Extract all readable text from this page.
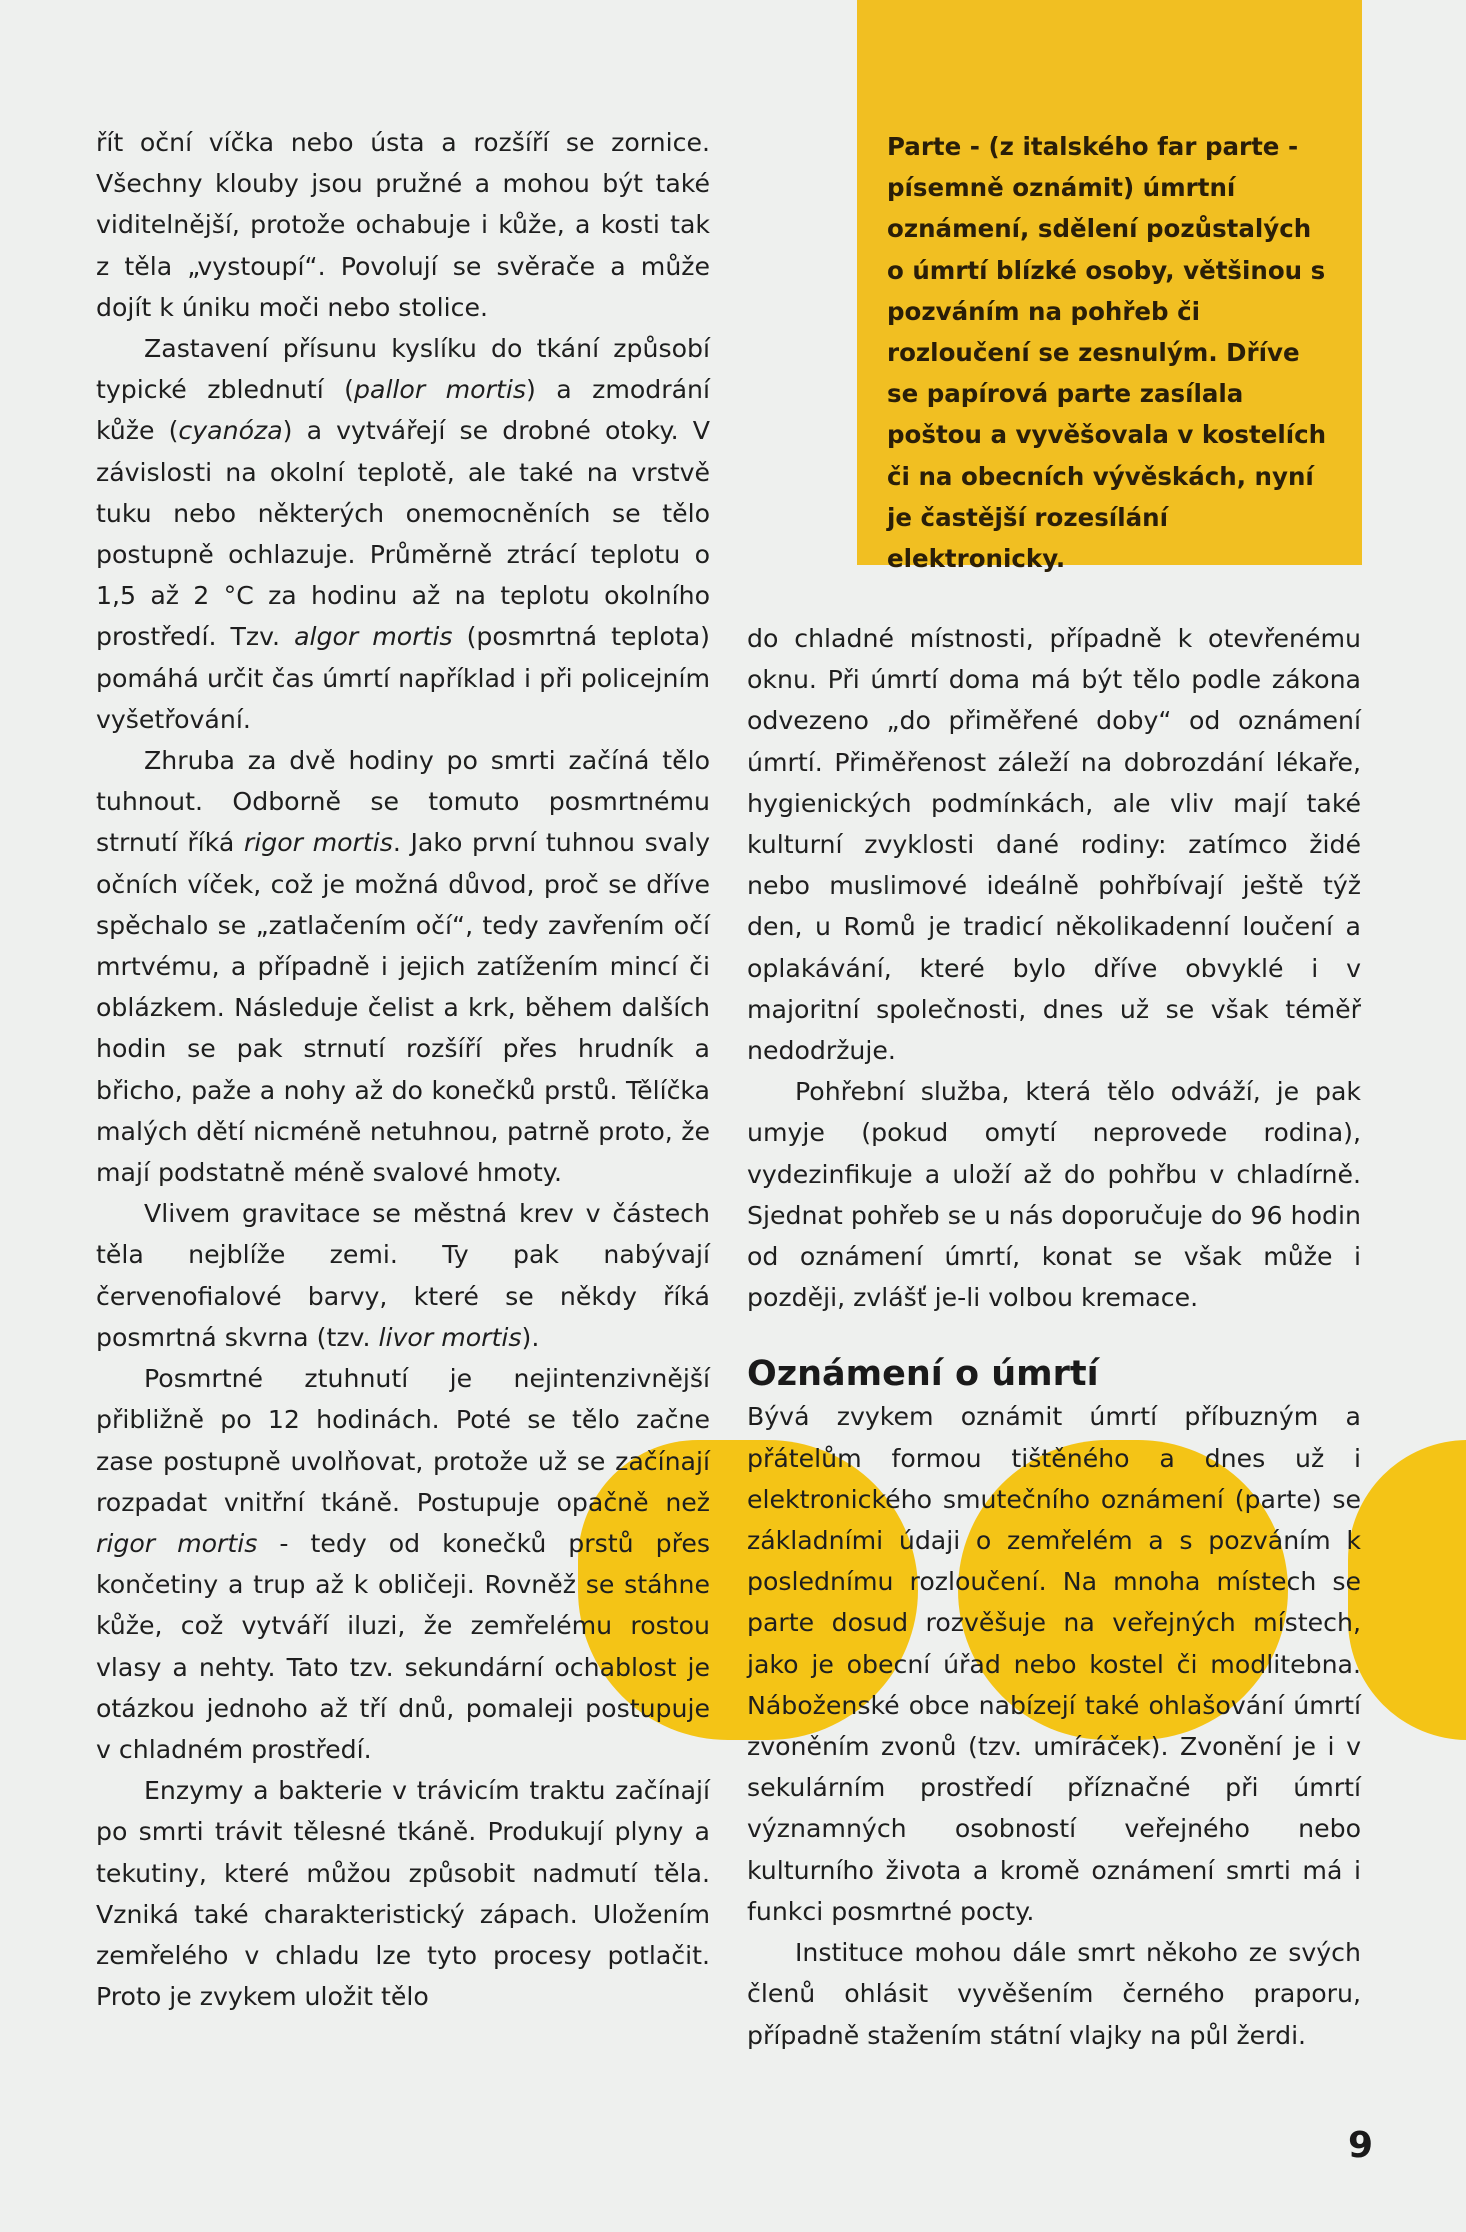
Parte - (z italského far parte - písemně oznámit) úmrtní oznámení, sdělení pozůstalých o úmrtí blízké osoby, většinou s pozváním na pohřeb či rozloučení se zesnulým. Dříve se papírová parte zasílala poštou a vyvěšovala v kostelích či na obecních vývěskách, nyní je častější rozesílání elektronicky.

řít oční víčka nebo ústa a rozšíří se zornice. Všechny klouby jsou pružné a mohou být také viditelnější, protože ochabuje i kůže, a kosti tak z těla „vystoupí“. Povolují se svěrače a může dojít k úniku moči nebo stolice.

Zastavení přísunu kyslíku do tkání způsobí typické zblednutí (pallor mortis) a zmodrání kůže (cyanóza) a vytvářejí se drobné otoky. V závislosti na okolní teplotě, ale také na vrstvě tuku nebo některých onemocněních se tělo postupně ochlazuje. Průměrně ztrácí teplotu o 1,5 až 2 °C za hodinu až na teplotu okolního prostředí. Tzv. algor mortis (posmrtná teplota) pomáhá určit čas úmrtí například i při policejním vyšetřování.

Zhruba za dvě hodiny po smrti začíná tělo tuhnout. Odborně se tomuto posmrtnému strnutí říká rigor mortis. Jako první tuhnou svaly očních víček, což je možná důvod, proč se dříve spěchalo se „zatlačením očí“, tedy zavřením očí mrtvému, a případně i jejich zatížením mincí či oblázkem. Následuje čelist a krk, během dalších hodin se pak strnutí rozšíří přes hrudník a břicho, paže a nohy až do konečků prstů. Tělíčka malých dětí nicméně netuhnou, patrně proto, že mají podstatně méně svalové hmoty.

Vlivem gravitace se městná krev v částech těla nejblíže zemi. Ty pak nabývají červenofialové barvy, které se někdy říká posmrtná skvrna (tzv. livor mortis).

Posmrtné ztuhnutí je nejintenzivnější přibližně po 12 hodinách. Poté se tělo začne zase postupně uvolňovat, protože už se začínají rozpadat vnitřní tkáně. Postupuje opačně než rigor mortis - tedy od konečků prstů přes končetiny a trup až k obličeji. Rovněž se stáhne kůže, což vytváří iluzi, že zemřelému rostou vlasy a nehty. Tato tzv. sekundární ochablost je otázkou jednoho až tří dnů, pomaleji postupuje v chladném prostředí.

Enzymy a bakterie v trávicím traktu začínají po smrti trávit tělesné tkáně. Produkují plyny a tekutiny, které můžou způsobit nadmutí těla. Vzniká také charakteristický zápach. Uložením zemřelého v chladu lze tyto procesy potlačit. Proto je zvykem uložit tělo

do chladné místnosti, případně k otevřenému oknu. Při úmrtí doma má být tělo podle zákona odvezeno „do přiměřené doby“ od oznámení úmrtí. Přiměřenost záleží na dobrozdání lékaře, hygienických podmínkách, ale vliv mají také kulturní zvyklosti dané rodiny: zatímco židé nebo muslimové ideálně pohřbívají ještě týž den, u Romů je tradicí několikadenní loučení a oplakávání, které bylo dříve obvyklé i v majoritní společnosti, dnes už se však téměř nedodržuje.

Pohřební služba, která tělo odváží, je pak umyje (pokud omytí neprovede rodina), vydezinfikuje a uloží až do pohřbu v chladírně. Sjednat pohřeb se u nás doporučuje do 96 hodin od oznámení úmrtí, konat se však může i později, zvlášť je-li volbou kremace.

Oznámení o úmrtí

Bývá zvykem oznámit úmrtí příbuzným a přátelům formou tištěného a dnes už i elektronického smutečního oznámení (parte) se základními údaji o zemřelém a s pozváním k poslednímu rozloučení. Na mnoha místech se parte dosud rozvěšuje na veřejných místech, jako je obecní úřad nebo kostel či modlitebna. Náboženské obce nabízejí také ohlašování úmrtí zvoněním zvonů (tzv. umíráček). Zvonění je i v sekulárním prostředí příznačné při úmrtí významných osobností veřejného nebo kulturního života a kromě oznámení smrti má i funkci posmrtné pocty.

Instituce mohou dále smrt někoho ze svých členů ohlásit vyvěšením černého praporu, případně stažením státní vlajky na půl žerdi.

9
